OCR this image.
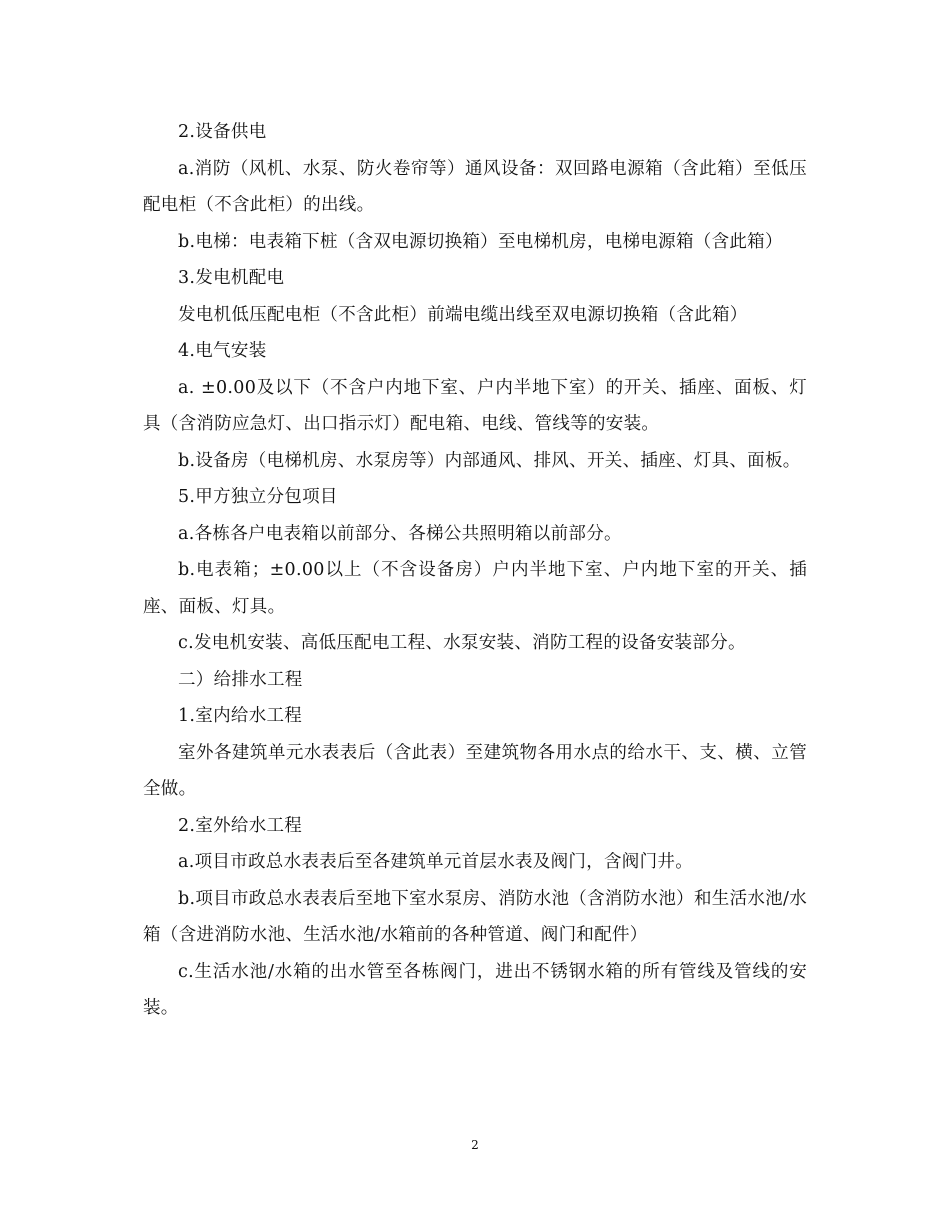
2.设备供电

a.消防（风机、水泵、防火卷帘等）通风设备：双回路电源箱（含此箱）至低压配电柜（不含此柜）的出线。

b.电梯：电表箱下桩（含双电源切换箱）至电梯机房，电梯电源箱（含此箱）

3.发电机配电

发电机低压配电柜（不含此柜）前端电缆出线至双电源切换箱（含此箱）

4.电气安装

a. ±0.00及以下（不含户内地下室、户内半地下室）的开关、插座、面板、灯具（含消防应急灯、出口指示灯）配电箱、电线、管线等的安装。

b.设备房（电梯机房、水泵房等）内部通风、排风、开关、插座、灯具、面板。

5.甲方独立分包项目

a.各栋各户电表箱以前部分、各梯公共照明箱以前部分。

b.电表箱；±0.00以上（不含设备房）户内半地下室、户内地下室的开关、插座、面板、灯具。

c.发电机安装、高低压配电工程、水泵安装、消防工程的设备安装部分。

二）给排水工程

1.室内给水工程

室外各建筑单元水表表后（含此表）至建筑物各用水点的给水干、支、横、立管全做。

2.室外给水工程

a.项目市政总水表表后至各建筑单元首层水表及阀门，含阀门井。

b.项目市政总水表表后至地下室水泵房、消防水池（含消防水池）和生活水池/水箱（含进消防水池、生活水池/水箱前的各种管道、阀门和配件）

c.生活水池/水箱的出水管至各栋阀门，进出不锈钢水箱的所有管线及管线的安装。

2
